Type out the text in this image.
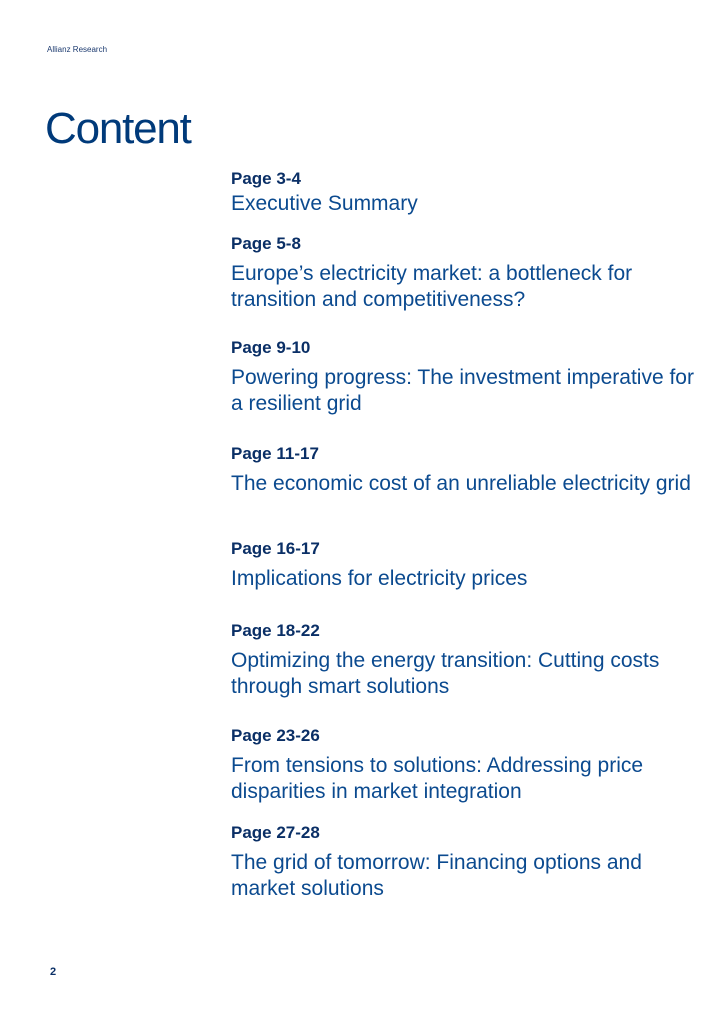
Allianz Research
Content
Page 3-4
Executive Summary
Page 5-8
Europe’s electricity market: a bottleneck for transition and competitiveness?
Page 9-10
Powering progress: The investment imperative for a resilient grid
Page 11-17
The economic cost of an unreliable electricity grid
Page 16-17
Implications for electricity prices
Page 18-22
Optimizing the energy transition: Cutting costs through smart solutions
Page 23-26
From tensions to solutions: Addressing price disparities in market integration
Page 27-28
The grid of tomorrow: Financing options and market solutions
2
